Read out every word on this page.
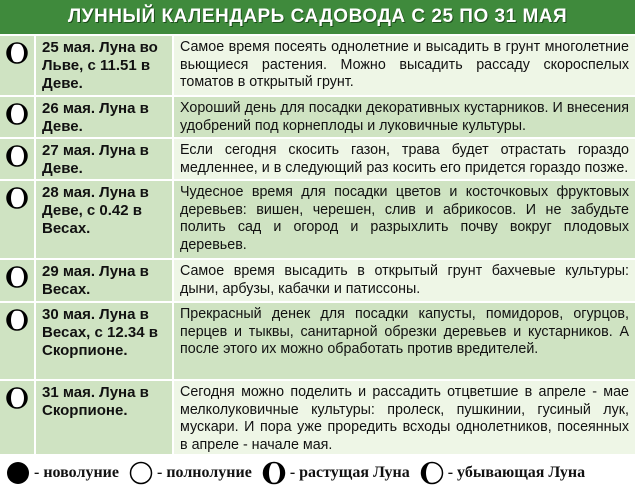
ЛУННЫЙ КАЛЕНДАРЬ САДОВОДА С 25 ПО 31 МАЯ
25 мая. Луна во Льве, с 11.51 в Деве.
Самое время посеять однолетние и высадить в грунт многолетние вьющиеся растения. Можно высадить рассаду скороспелых томатов в открытый грунт.
26 мая. Луна в Деве.
Хороший день для посадки декоративных кустарников. И внесения удобрений под корнеплоды и луковичные культуры.
27 мая. Луна в Деве.
Если сегодня скосить газон, трава будет отрастать гораздо медленнее, и в следующий раз косить его придется гораздо позже.
28 мая. Луна в Деве, с 0.42 в Весах.
Чудесное время для посадки цветов и косточковых фруктовых деревьев: вишен, черешен, слив и абрикосов. И не забудьте полить сад и огород и разрыхлить почву вокруг плодовых деревьев.
29 мая. Луна в Весах.
Самое время высадить в открытый грунт бахчевые культуры: дыни, арбузы, кабачки и патиссоны.
30 мая. Луна в Весах, с 12.34 в Скорпионе.
Прекрасный денек для посадки капусты, помидоров, огурцов, перцев и тыквы, санитарной обрезки деревьев и кустарников. А после этого их можно обработать против вредителей.
31 мая. Луна в Скорпионе.
Сегодня можно поделить и рассадить отцветшие в апреле - мае мелколуковичные культуры: пролеск, пушкинии, гусиный лук, мускари. И пора уже проредить всходы однолетников, посеянных в апреле - начале мая.
- новолуние - полнолуние - растущая Луна - убывающая Луна
